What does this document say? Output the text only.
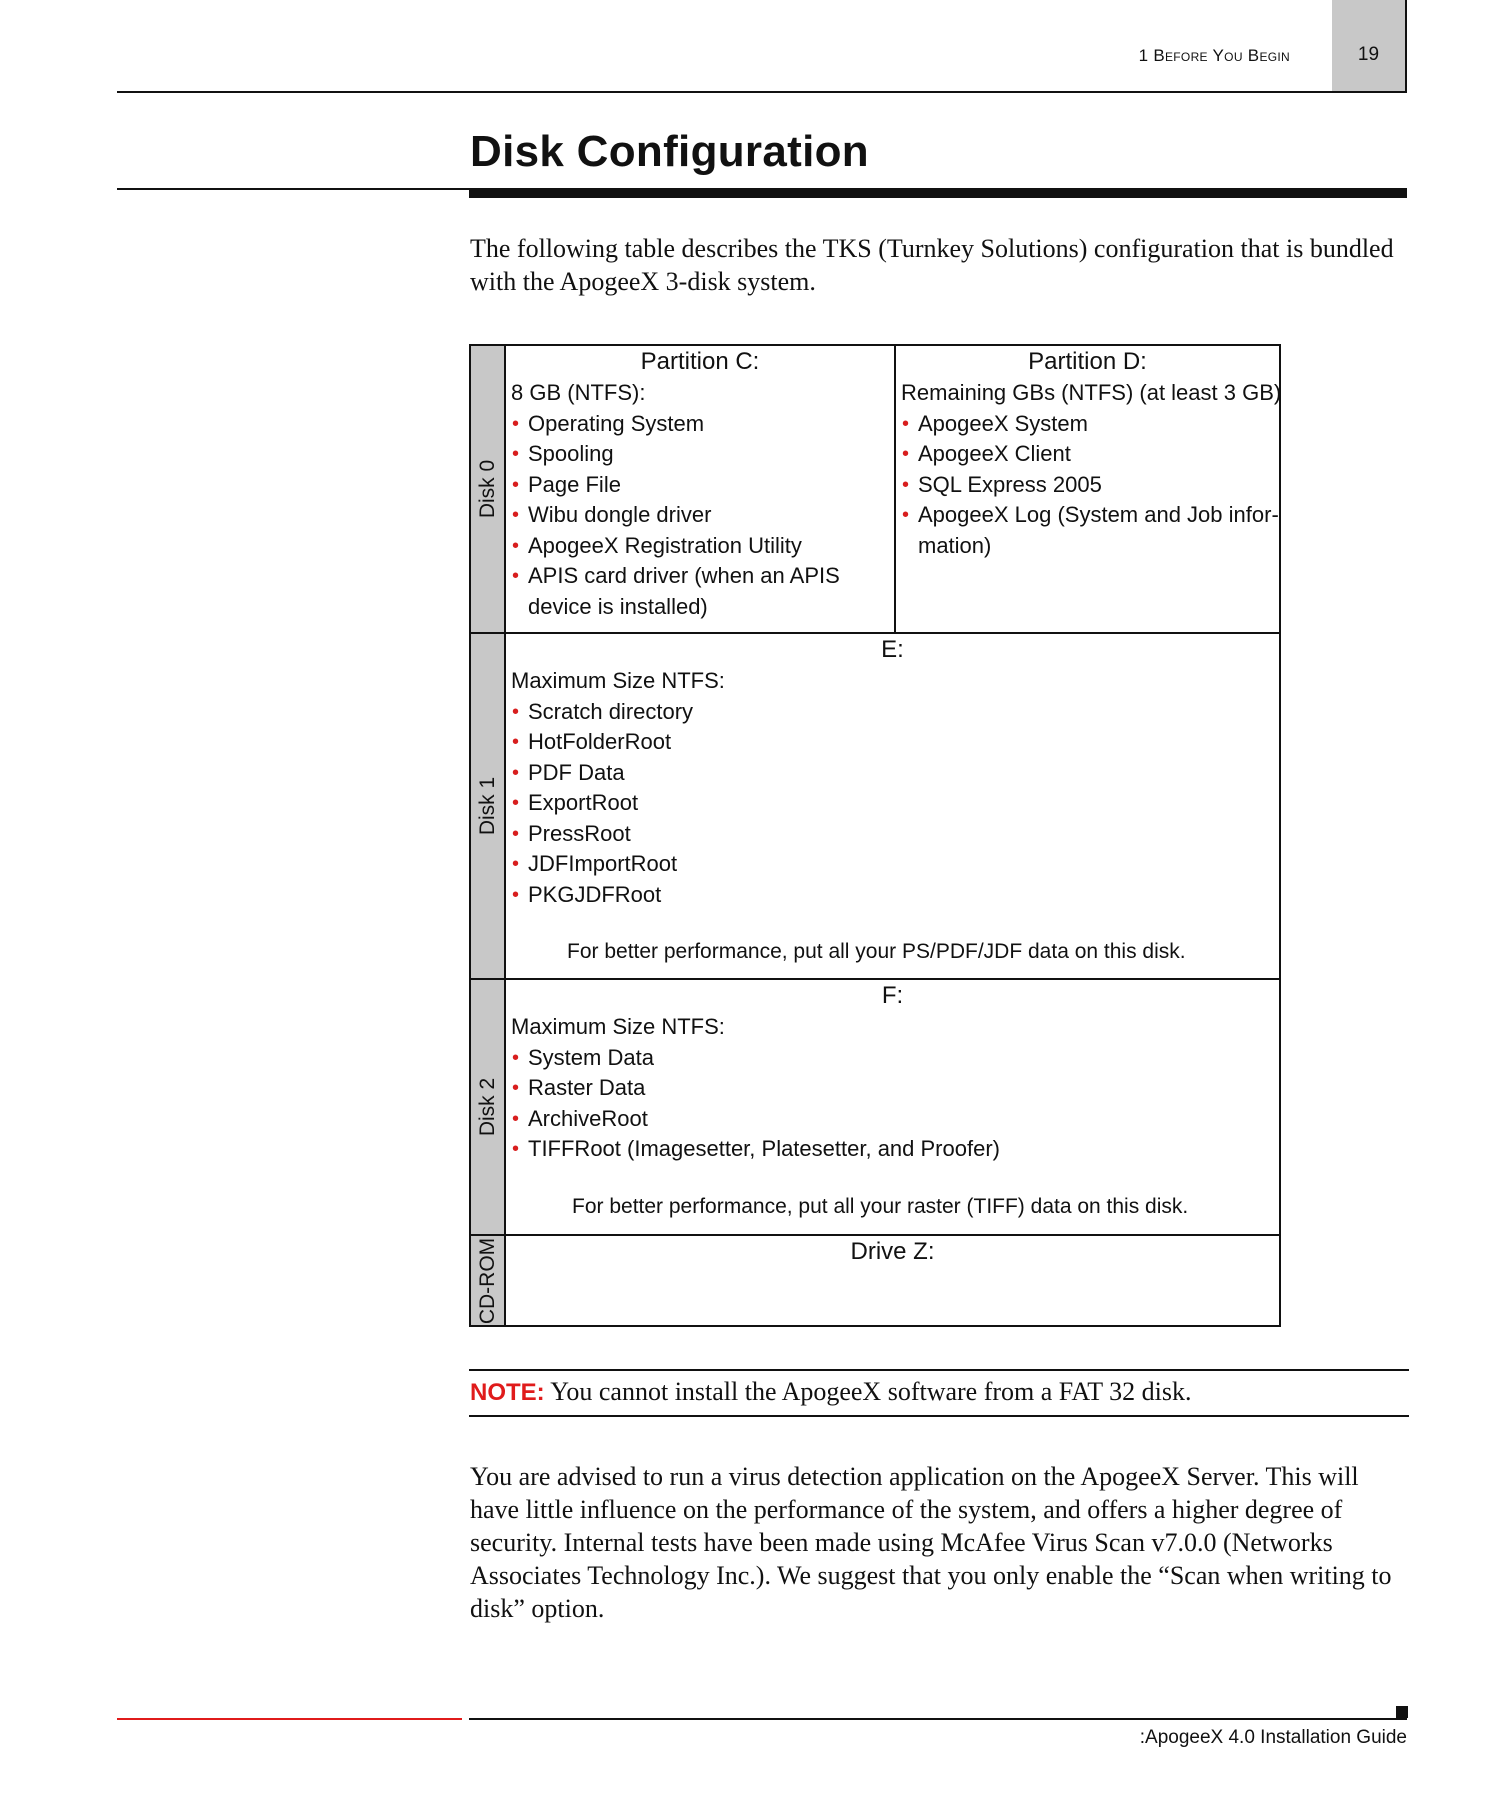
19
1 Before You Begin
Disk Configuration
The following table describes the TKS (Turnkey Solutions) configuration that is bundled with the ApogeeX 3-disk system.
Disk 0
Partition C:
8 GB (NTFS):
• Operating System
• Spooling
• Page File
• Wibu dongle driver
• ApogeeX Registration Utility
• APIS card driver (when an APIS
device is installed)
Partition D:
Remaining GBs (NTFS) (at least 3 GB)
• ApogeeX System
• ApogeeX Client
• SQL Express 2005
• ApogeeX Log (System and Job infor-
mation)
Disk 1
E:
Maximum Size NTFS:
• Scratch directory
• HotFolderRoot
• PDF Data
• ExportRoot
• PressRoot
• JDFImportRoot
• PKGJDFRoot
For better performance, put all your PS/PDF/JDF data on this disk.
Disk 2
F:
Maximum Size NTFS:
• System Data
• Raster Data
• ArchiveRoot
• TIFFRoot (Imagesetter, Platesetter, and Proofer)
For better performance, put all your raster (TIFF) data on this disk.
CD-ROM	Drive Z:
NOTE: You cannot install the ApogeeX software from a FAT 32 disk.
You are advised to run a virus detection application on the ApogeeX Server. This will have little influence on the performance of the system, and offers a higher degree of security. Internal tests have been made using McAfee Virus Scan v7.0.0 (Networks Associates Technology Inc.). We suggest that you only enable the “Scan when writing to disk” option.
:ApogeeX 4.0 Installation Guide
